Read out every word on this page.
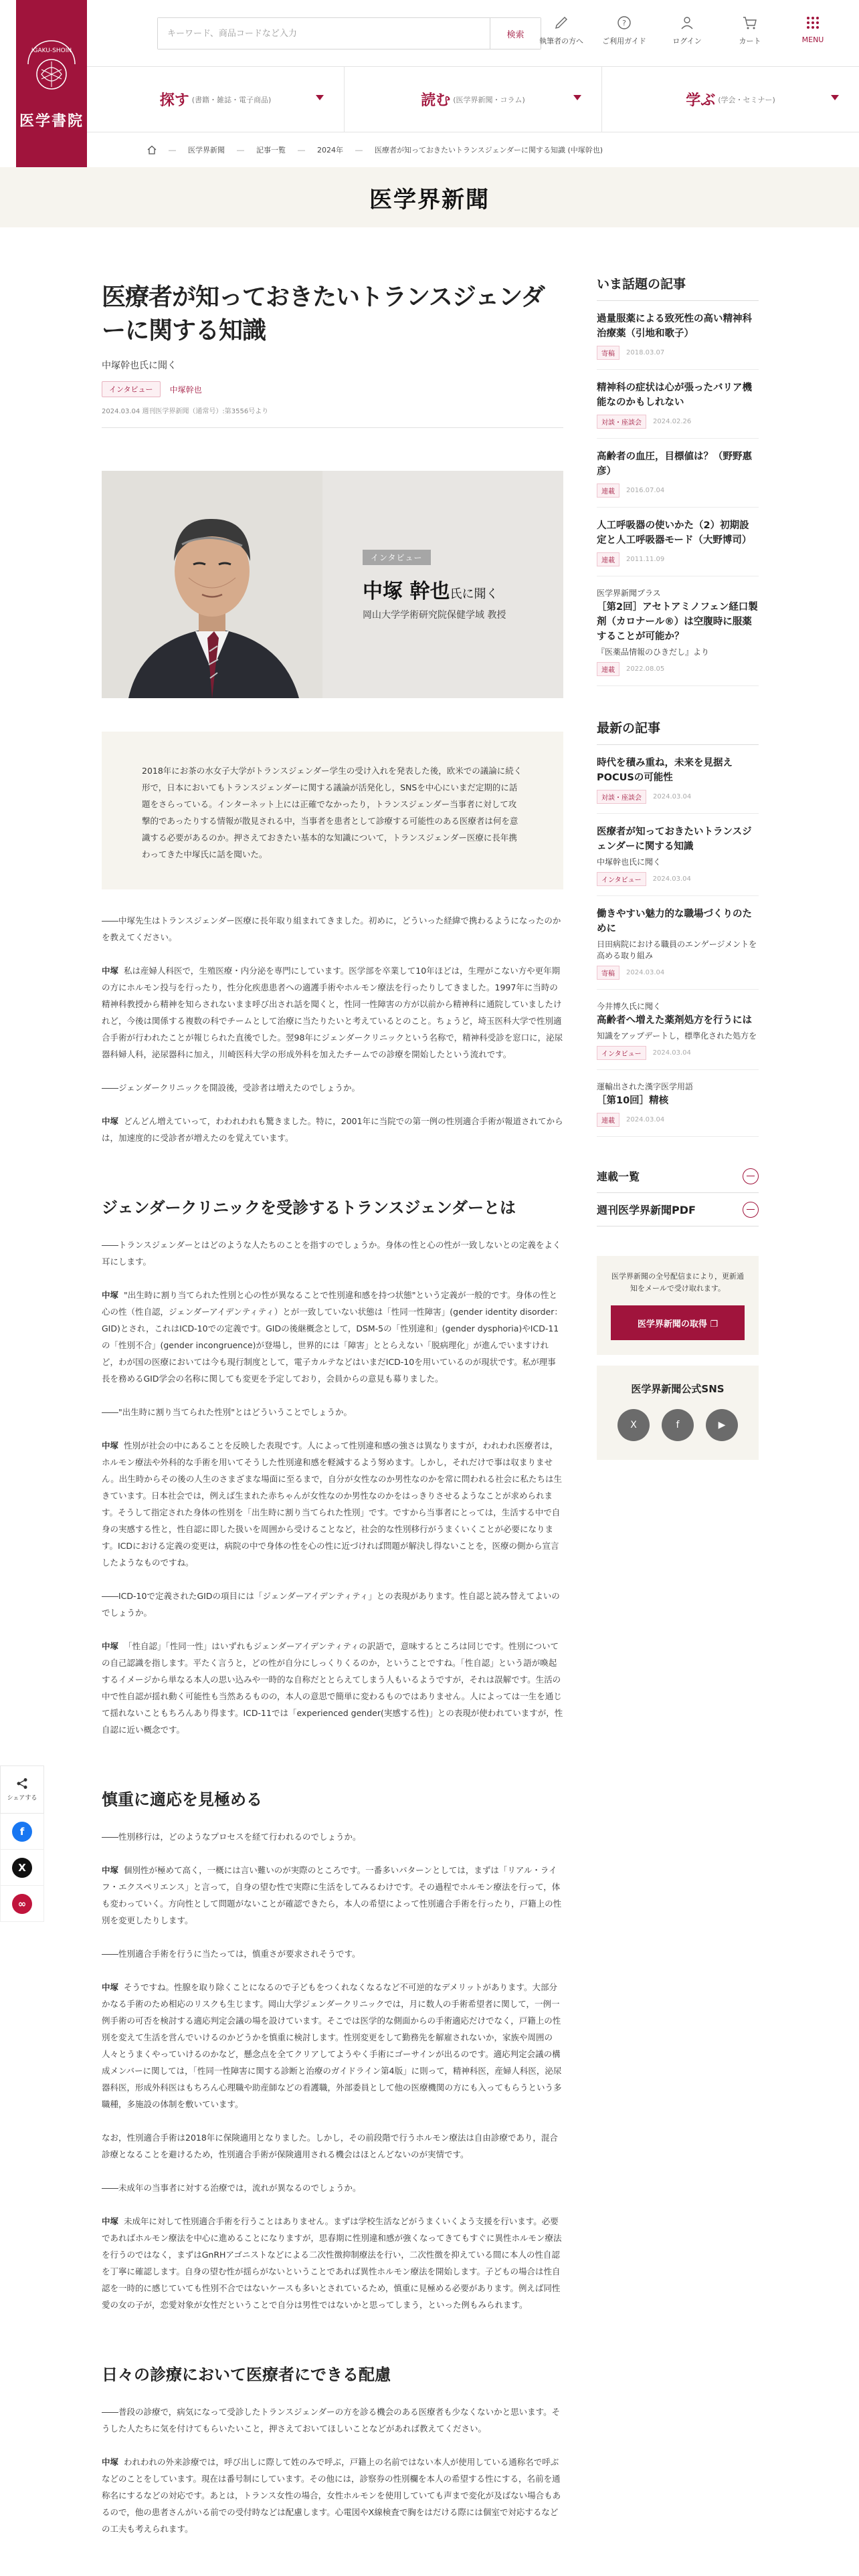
IGAKU-SHOIN
医学書院
キーワード、商品コードなど入力
検索
執筆者の方へ
?
ご利用ガイド	ログイン	カート	MENU
探す (書籍・雑誌・電子商品)	読む (医学界新聞・コラム)	学ぶ (学会・セミナー)
― 医学界新聞 ― 記事一覧 ― 2024年 ― 医療者が知っておきたいトランスジェンダーに関する知識 (中塚幹也)
医学界新聞
医療者が知っておきたいトランスジェンダーに関する知識
中塚幹也氏に聞く
インタビュー	中塚幹也
2024.03.04 週刊医学界新聞（通常号）:第3556号より
インタビュー
中塚 幹也氏に聞く
岡山大学学術研究院保健学域 教授
2018年にお茶の水女子大学がトランスジェンダー学生の受け入れを発表した後，欧米での議論に続く形で，日本においてもトランスジェンダーに関する議論が活発化し，SNSを中心にいまだ定期的に話題をさらっている。インターネット上には正確でなかったり，トランスジェンダー当事者に対して攻撃的であったりする情報が散見される中，当事者を患者として診療する可能性のある医療者は何を意識する必要があるのか。押さえておきたい基本的な知識について，トランスジェンダー医療に長年携わってきた中塚氏に話を聞いた。

――中塚先生はトランスジェンダー医療に長年取り組まれてきました。初めに，どういった経緯で携わるようになったのかを教えてください。

中塚 私は産婦人科医で，生殖医療・内分泌を専門にしています。医学部を卒業して10年ほどは，生理がこない方や更年期の方にホルモン投与を行ったり，性分化疾患患者への適護手術やホルモン療法を行ったりしてきました。1997年に当時の精神科教授から精神を知らされないまま呼び出され話を聞くと，性同一性障害の方が以前から精神科に通院していましたけれど，今後は関係する複数の科でチームとして治療に当たりたいと考えているとのこと。ちょうど，埼玉医科大学で性別適合手術が行われたことが報じられた直後でした。翌98年にジェンダークリニックという名称で，精神科受診を窓口に，泌尿器科婦人科，泌尿器科に加え，川崎医科大学の形成外科を加えたチームでの診療を開始したという流れです。

――ジェンダークリニックを開設後，受診者は増えたのでしょうか。

中塚 どんどん増えていって，わわれわれも驚きました。特に，2001年に当院での第一例の性別適合手術が報道されてからは，加速度的に受診者が増えたのを覚えています。

ジェンダークリニックを受診するトランスジェンダーとは

――トランスジェンダーとはどのような人たちのことを指すのでしょうか。身体の性と心の性が一致しないとの定義をよく耳にします。

中塚 "出生時に割り当てられた性別と心の性が異なることで性別違和感を持つ状態"という定義が一般的です。身体の性と心の性（性自認，ジェンダーアイデンティティ）とが一致していない状態は「性同一性障害」(gender identity disorder：GID)とされ，これはICD-10での定義です。GIDの後継概念として，DSM-5の「性別違和」(gender dysphoria)やICD-11の「性別不合」(gender incongruence)が登場し，世界的には「障害」ととらえない「脱病理化」が進んでいますけれど，わが国の医療においては今も現行制度として，電子カルテなどはいまだICD-10を用いているのが現状です。私が理事長を務めるGID学会の名称に関しても変更を予定しており，会員からの意見も募りました。

――"出生時に割り当てられた性別"とはどういうことでしょうか。

中塚 性別が社会の中にあることを反映した表現です。人によって性別違和感の強さは異なりますが，われわれ医療者は，ホルモン療法や外科的な手術を用いてそうした性別違和感を軽減するよう努めます。しかし，それだけで事は収まりません。出生時からその後の人生のさまざまな場面に至るまで，自分が女性なのか男性なのかを常に問われる社会に私たちは生きています。日本社会では，例えば生まれた赤ちゃんが女性なのか男性なのかをはっきりさせるようなことが求められます。そうして指定された身体の性別を「出生時に割り当てられた性別」です。ですから当事者にとっては，生活する中で自身の実感する性と，性自認に即した扱いを周囲から受けることなど，社会的な性別移行がうまくいくことが必要になります。ICDにおける定義の変更は，病院の中で身体の性を心の性に近づければ問題が解決し得ないことを，医療の側から宣言したようなものですね。

――ICD-10で定義されたGIDの項目には「ジェンダーアイデンティティ」との表現があります。性自認と読み替えてよいのでしょうか。

中塚 「性自認」「性同一性」はいずれもジェンダーアイデンティティの訳語で，意味するところは同じです。性別についての自己認識を指します。平たく言うと，どの性が自分にしっくりくるのか，ということですね。「性自認」という語が喚起するイメージから単なる本人の思い込みや一時的な自称だととらえてしまう人もいるようですが，それは誤解です。生活の中で性自認が揺れ動く可能性も当然あるものの，本人の意思で簡単に変わるものではありません。人によっては一生を通じて揺れないこともちろんあり得ます。ICD-11では「experienced gender(実感する性)」との表現が使われていますが，性自認に近い概念です。

慎重に適応を見極める

――性別移行は，どのようなプロセスを経て行われるのでしょうか。

中塚 個別性が極めて高く，一概には言い難いのが実際のところです。一番多いパターンとしては，まずは「リアル・ライフ・エクスペリエンス」と言って，自身の望む性で実際に生活をしてみるわけです。その過程でホルモン療法を行って，体も変わっていく。方向性として問題がないことが確認できたら，本人の希望によって性別適合手術を行ったり，戸籍上の性別を変更したりします。

――性別適合手術を行うに当たっては，慎重さが要求されそうです。

中塚 そうですね。性腺を取り除くことになるので子どもをつくれなくなるなど不可逆的なデメリットがあります。大部分かなる手術のため相応のリスクも生じます。岡山大学ジェンダークリニックでは，月に数人の手術希望者に関して，一例一例手術の可否を検討する適応判定会議の場を設けています。そこでは医学的な側面からの手術適応だけでなく，戸籍上の性別を変えて生活を営んでいけるのかどうかを慎重に検討します。性別変更をして勤務先を解雇されないか，家族や周囲の人々とうまくやっていけるのかなど，懸念点を全てクリアしてようやく手術にゴーサインが出るのです。適応判定会議の構成メンバーに関しては，「性同一性障害に関する診断と治療のガイドライン第4版」に則って，精神科医，産婦人科医，泌尿器科医，形成外科医はもちろん心理職や助産師などの看護職，外部委員として他の医療機関の方にも入ってもらうという多職種，多施設の体制を敷いています。

なお，性別適合手術は2018年に保険適用となりました。しかし，その前段階で行うホルモン療法は自由診療であり，混合診療となることを避けるため，性別適合手術が保険適用される機会はほとんどないのが実情です。

――未成年の当事者に対する治療では，流れが異なるのでしょうか。

中塚 未成年に対して性別適合手術を行うことはありません。まずは学校生活などがうまくいくよう支援を行います。必要であればホルモン療法を中心に進めることになりますが，思春期に性別違和感が強くなってきてもすぐに異性ホルモン療法を行うのではなく，まずはGnRHアゴニストなどによる二次性徴抑制療法を行い，二次性徴を抑えている間に本人の性自認を丁寧に確認します。自身の望む性が揺らがないということであれば異性ホルモン療法を開始します。子どもの場合は性自認を一時的に感じていても性別不合ではないケースも多いとされているため，慎重に見極める必要があります。例えば同性愛の女の子が，恋愛対象が女性だということで自分は男性ではないかと思ってしまう，といった例もみられます。

日々の診療において医療者にできる配慮

――普段の診療で，病気になって受診したトランスジェンダーの方を診る機会のある医療者も少なくないかと思います。そうした人たちに気を付けてもらいたいこと，押さえておいてほしいことなどがあれば教えてください。

中塚 われわれの外来診療では，呼び出しに際して姓のみで呼ぶ，戸籍上の名前ではない本人が使用している通称名で呼ぶなどのことをしています。現在は番号制にしています。その他には，診察券の性別欄を本人の希望する性にする，名前を通称名にするなどの対応です。あとは，トランス女性の場合，女性ホルモンを使用していても声まで変化が及ばない場合もあるので，他の患者さんがいる前での受付時などは配慮します。心電図やX線検査で胸をはだける際には個室で対応するなどの工夫も考えられます。

いま話題の記事
過量服薬による致死性の高い精神科治療薬（引地和歌子）
寄稿	2018.03.07
精神科の症状は心が張ったバリア機能なのかもしれない
対談・座談会	2024.02.26
高齢者の血圧，目標値は？（野野惠彦）
連載	2016.07.04
人工呼吸器の使いかた（2）初期設定と人工呼吸器モード（大野博司）
連載	2011.11.09
医学界新聞プラス
［第2回］アセトアミノフェン経口製剤（カロナール®）は空腹時に服薬することが可能か？
『医薬品情報のひきだし』より
連載	2022.08.05
最新の記事
時代を積み重ね，未来を見据えPOCUSの可能性
対談・座談会	2024.03.04
医療者が知っておきたいトランスジェンダーに関する知識
中塚幹也氏に聞く
インタビュー	2024.03.04
働きやすい魅力的な職場づくりのために
日田病院における職員のエンゲージメントを高める取り組み
寄稿	2024.03.04
今井博久氏に聞く
高齢者へ増えた薬剤処方を行うには
知識をアップデートし，標準化された処方を
インタビュー	2024.03.04
運輸出された漢字医学用語
［第10回］精核
連載	2024.03.04
連載一覧
週刊医学界新聞PDF

医学界新聞の全号配信まにより，更新通知をメールで受け取れます。

医学界新聞の取得 ❐
医学界新聞公式SNS
X	f	▶
シェアする
f
X
∞
